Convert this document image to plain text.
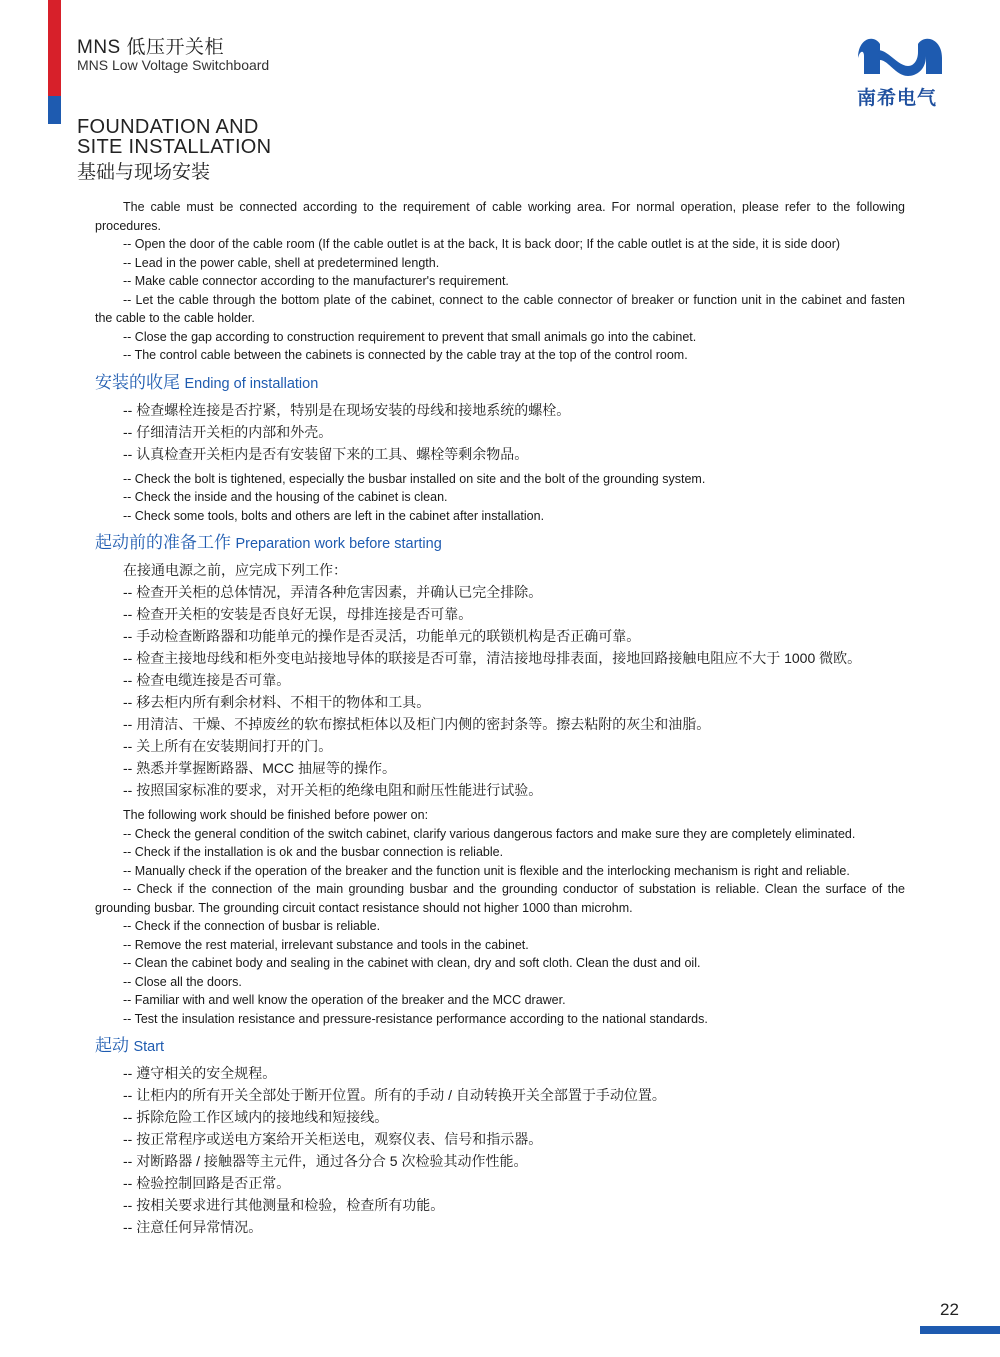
MNS 低压开关柜
MNS Low Voltage Switchboard
南希电气
FOUNDATION AND
SITE INSTALLATION
基础与现场安装

The cable must be connected according to the requirement of cable working area. For normal operation, please refer to the following procedures.

-- Open the door of the cable room (If the cable outlet is at the back, It is back door; If the cable outlet is at the side, it is side door)

-- Lead in the power cable, shell at predetermined length.

-- Make cable connector according to the manufacturer's requirement.

-- Let the cable through the bottom plate of the cabinet, connect to the cable connector of breaker or function unit in the cabinet and fasten the cable to the cable holder.

-- Close the gap according to construction requirement to prevent that small animals go into the cabinet.

-- The control cable between the cabinets is connected by the cable tray at the top of the control room.

安装的收尾 Ending of installation

-- 检查螺栓连接是否拧紧，特别是在现场安装的母线和接地系统的螺栓。

-- 仔细清洁开关柜的内部和外壳。

-- 认真检查开关柜内是否有安装留下来的工具、螺栓等剩余物品。

-- Check the bolt is tightened, especially the busbar installed on site and the bolt of the grounding system.

-- Check the inside and the housing of the cabinet is clean.

-- Check some tools, bolts and others are left in the cabinet after installation.

起动前的准备工作 Preparation work before starting

在接通电源之前，应完成下列工作：

-- 检查开关柜的总体情况，弄清各种危害因素，并确认已完全排除。

-- 检查开关柜的安装是否良好无误，母排连接是否可靠。

-- 手动检查断路器和功能单元的操作是否灵活，功能单元的联锁机构是否正确可靠。

-- 检查主接地母线和柜外变电站接地导体的联接是否可靠，清洁接地母排表面，接地回路接触电阻应不大于 1000 微欧。

-- 检查电缆连接是否可靠。

-- 移去柜内所有剩余材料、不相干的物体和工具。

-- 用清洁、干燥、不掉废丝的软布擦拭柜体以及柜门内侧的密封条等。擦去粘附的灰尘和油脂。

-- 关上所有在安装期间打开的门。

-- 熟悉并掌握断路器、MCC 抽屉等的操作。

-- 按照国家标准的要求，对开关柜的绝缘电阻和耐压性能进行试验。

The following work should be finished before power on:

-- Check the general condition of the switch cabinet, clarify various dangerous factors and make sure they are completely eliminated.

-- Check if the installation is ok and the busbar connection is reliable.

-- Manually check if the operation of the breaker and the function unit is flexible and the interlocking mechanism is right and reliable.

-- Check if the connection of the main grounding busbar and the grounding conductor of substation is reliable. Clean the surface of the grounding busbar. The grounding circuit contact resistance should not higher 1000 than microhm.

-- Check if the connection of busbar is reliable.

-- Remove the rest material, irrelevant substance and tools in the cabinet.

-- Clean the cabinet body and sealing in the cabinet with clean, dry and soft cloth. Clean the dust and oil.

-- Close all the doors.

-- Familiar with and well know the operation of the breaker and the MCC drawer.

-- Test the insulation resistance and pressure-resistance performance according to the national standards.

起动 Start

-- 遵守相关的安全规程。

-- 让柜内的所有开关全部处于断开位置。所有的手动 / 自动转换开关全部置于手动位置。

-- 拆除危险工作区域内的接地线和短接线。

-- 按正常程序或送电方案给开关柜送电，观察仪表、信号和指示器。

-- 对断路器 / 接触器等主元件，通过各分合 5 次检验其动作性能。

-- 检验控制回路是否正常。

-- 按相关要求进行其他测量和检验，检查所有功能。

-- 注意任何异常情况。

22
